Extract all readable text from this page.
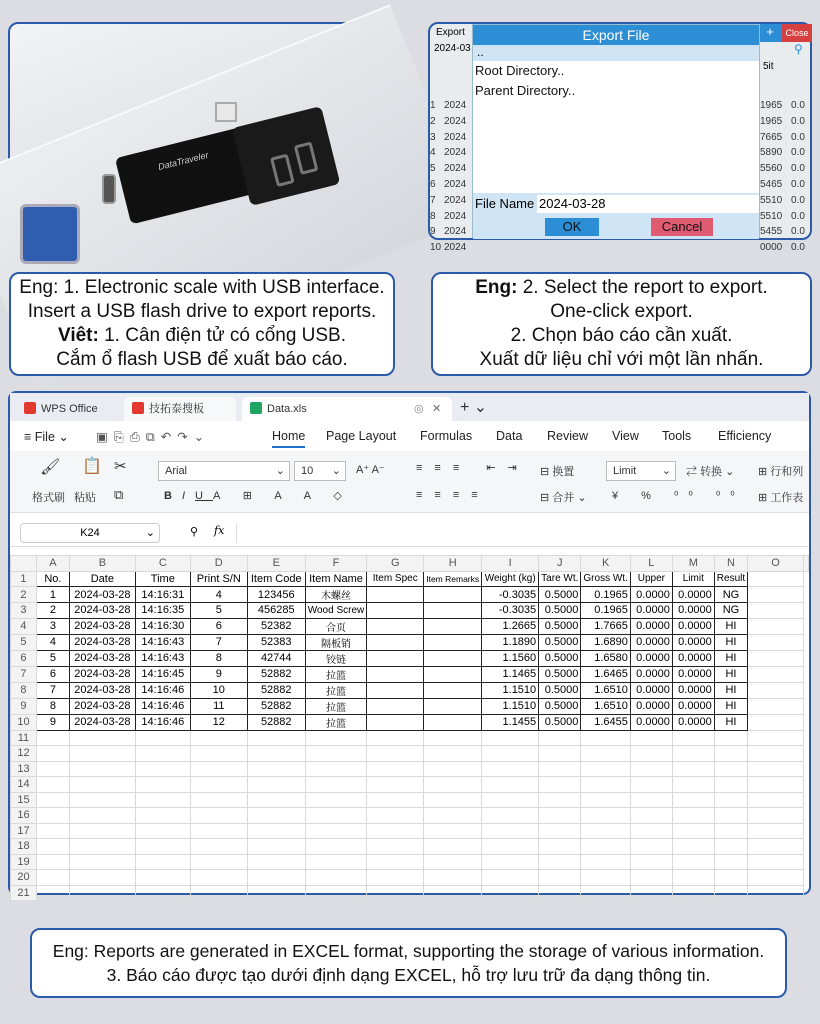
DataTraveler
Export
2024-03
+	Close
⚲
5it
1 2024	1965 0.0
2 2024	1965 0.0
3 2024	7665 0.0
4 2024	5890 0.0
5 2024	5560 0.0
6 2024	5465 0.0
7 2024	5510 0.0
8 2024	5510 0.0
9 2024	5455 0.0
10 2024	0000 0.0
Export File
..
Root Directory..
Parent Directory..
File Name 2024-03-28
OK	Cancel
Eng: 1. Electronic scale with USB interface.
Insert a USB flash drive to export reports.
Viêt: 1. Cân điện tử có cổng USB.
Cắm ổ flash USB để xuất báo cáo.
Eng: 2. Select the report to export.
One-click export.
2. Chọn báo cáo cần xuất.
Xuất dữ liệu chỉ với một lần nhấn.
WPS Office	技拓泰搜板	Data.xls	◎ ✕ + ⌄
≡ File ⌄ ▣⎘⎙⧉↶↷⌄	Home Page Layout Formulas Data Review View Tools Efficiency
🖌
格式刷
📋
粘贴
✂
⧉
Arial	⌄	10 ⌄ A⁺ A⁻
BIUA ⊞ A A ◇
≡≡≡ ⇤⇥
≡≡≡≡
⊟ 换置
⊟ 合并 ⌄
Limit ⌄
¥ % ⁰⁰ ⁰⁰
⇄ 转换 ⌄ ⊞ 行和列
⊞ 工作表
K24	⌄	⚲ fx
	A	B	C	D	E	F	G	H	I	J	K	L	M	N	O	
1	No.	Date	Time	Print S/N	Item Code	Item Name	Item Spec	Item Remarks	Weight (kg)	Tare Wt.	Gross Wt.	Upper	Limit	Result		
2	1	2024-03-28	14:16:31	4	123456	木螺丝			-0.3035	0.5000	0.1965	0.0000	0.0000	NG		
3	2	2024-03-28	14:16:35	5	456285	Wood Screw			-0.3035	0.5000	0.1965	0.0000	0.0000	NG		
4	3	2024-03-28	14:16:30	6	52382	合页			1.2665	0.5000	1.7665	0.0000	0.0000	HI		
5	4	2024-03-28	14:16:43	7	52383	隔板销			1.1890	0.5000	1.6890	0.0000	0.0000	HI		
6	5	2024-03-28	14:16:43	8	42744	铰链			1.1560	0.5000	1.6580	0.0000	0.0000	HI		
7	6	2024-03-28	14:16:45	9	52882	拉篮			1.1465	0.5000	1.6465	0.0000	0.0000	HI		
8	7	2024-03-28	14:16:46	10	52882	拉篮			1.1510	0.5000	1.6510	0.0000	0.0000	HI		
9	8	2024-03-28	14:16:46	11	52882	拉篮			1.1510	0.5000	1.6510	0.0000	0.0000	HI		
10	9	2024-03-28	14:16:46	12	52882	拉篮			1.1455	0.5000	1.6455	0.0000	0.0000	HI		
11																
12																
13																
14																
15																
16																
17																
18																
19																
20																
21																
Eng: Reports are generated in EXCEL format, supporting the storage of various information.
3. Báo cáo được tạo dưới định dạng EXCEL, hỗ trợ lưu trữ đa dạng thông tin.
